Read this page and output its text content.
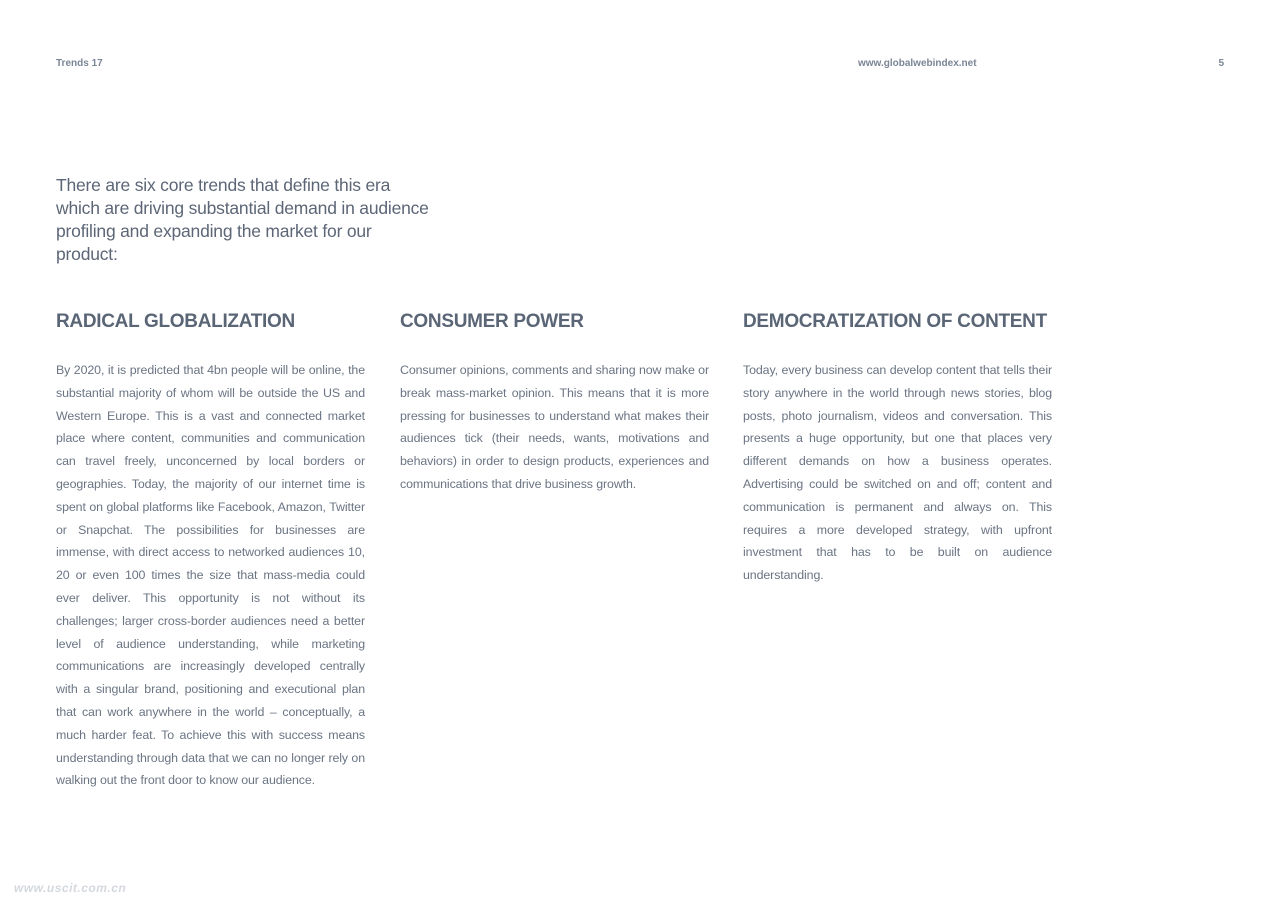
Trends 17	www.globalwebindex.net	5

There are six core trends that define this era which are driving substantial demand in audience profiling and expanding the market for our product:

RADICAL GLOBALIZATION

By 2020, it is predicted that 4bn people will be online, the substantial majority of whom will be outside the US and Western Europe. This is a vast and connected market place where content, communities and communication can travel freely, unconcerned by local borders or geographies. Today, the majority of our internet time is spent on global platforms like Facebook, Amazon, Twitter or Snapchat. The possibilities for businesses are immense, with direct access to networked audiences 10, 20 or even 100 times the size that mass-media could ever deliver. This opportunity is not without its challenges; larger cross-border audiences need a better level of audience understanding, while marketing communications are increasingly developed centrally with a singular brand, positioning and executional plan that can work anywhere in the world – conceptually, a much harder feat. To achieve this with success means understanding through data that we can no longer rely on walking out the front door to know our audience.

CONSUMER POWER

Consumer opinions, comments and sharing now make or break mass-market opinion. This means that it is more pressing for businesses to understand what makes their audiences tick (their needs, wants, motivations and behaviors) in order to design products, experiences and communications that drive business growth.

DEMOCRATIZATION OF CONTENT

Today, every business can develop content that tells their story anywhere in the world through news stories, blog posts, photo journalism, videos and conversation. This presents a huge opportunity, but one that places very different demands on how a business operates. Advertising could be switched on and off; content and communication is permanent and always on. This requires a more developed strategy, with upfront investment that has to be built on audience understanding.

www.uscit.com.cn
